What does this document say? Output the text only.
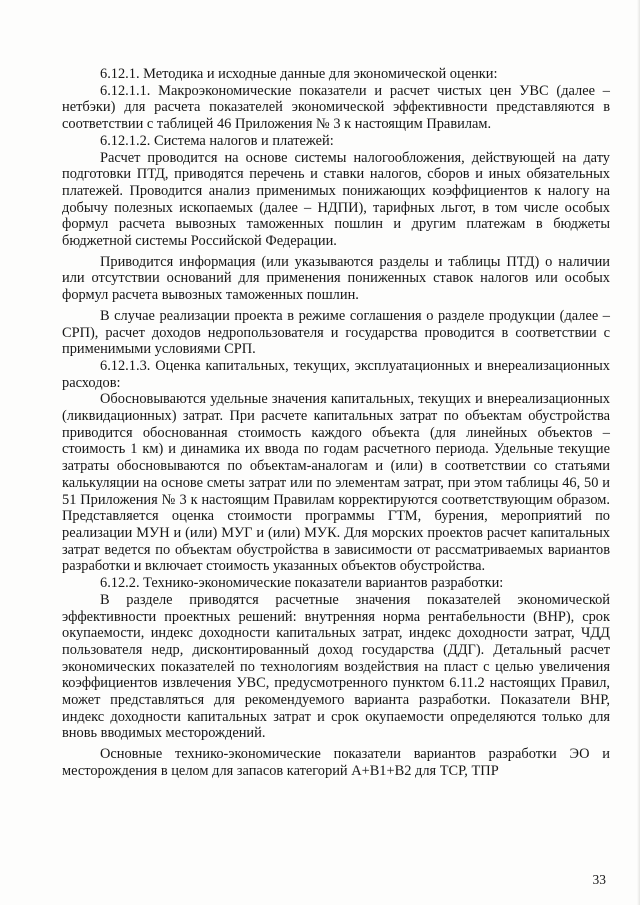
6.12.1. Методика и исходные данные для экономической оценки:

6.12.1.1. Макроэкономические показатели и расчет чистых цен УВС (далее – нетбэки) для расчета показателей экономической эффективности представляются в соответствии с таблицей 46 Приложения № 3 к настоящим Правилам.

6.12.1.2. Система налогов и платежей:

Расчет проводится на основе системы налогообложения, действующей на дату подготовки ПТД, приводятся перечень и ставки налогов, сборов и иных обязательных платежей. Проводится анализ применимых понижающих коэффициентов к налогу на добычу полезных ископаемых (далее – НДПИ), тарифных льгот, в том числе особых формул расчета вывозных таможенных пошлин и другим платежам в бюджеты бюджетной системы Российской Федерации.

Приводится информация (или указываются разделы и таблицы ПТД) о наличии или отсутствии оснований для применения пониженных ставок налогов или особых формул расчета вывозных таможенных пошлин.

В случае реализации проекта в режиме соглашения о разделе продукции (далее – СРП), расчет доходов недропользователя и государства проводится в соответствии с применимыми условиями СРП.

6.12.1.3. Оценка капитальных, текущих, эксплуатационных и внереализационных расходов:

Обосновываются удельные значения капитальных, текущих и внереализационных (ликвидационных) затрат. При расчете капитальных затрат по объектам обустройства приводится обоснованная стоимость каждого объекта (для линейных объектов – стоимость 1 км) и динамика их ввода по годам расчетного периода. Удельные текущие затраты обосновываются по объектам-аналогам и (или) в соответствии со статьями калькуляции на основе сметы затрат или по элементам затрат, при этом таблицы 46, 50 и 51 Приложения № 3 к настоящим Правилам корректируются соответствующим образом. Представляется оценка стоимости программы ГТМ, бурения, мероприятий по реализации МУН и (или) МУГ и (или) МУК. Для морских проектов расчет капитальных затрат ведется по объектам обустройства в зависимости от рассматриваемых вариантов разработки и включает стоимость указанных объектов обустройства.

6.12.2. Технико-экономические показатели вариантов разработки:

В разделе приводятся расчетные значения показателей экономической эффективности проектных решений: внутренняя норма рентабельности (ВНР), срок окупаемости, индекс доходности капитальных затрат, индекс доходности затрат, ЧДД пользователя недр, дисконтированный доход государства (ДДГ). Детальный расчет экономических показателей по технологиям воздействия на пласт с целью увеличения коэффициентов извлечения УВС, предусмотренного пунктом 6.11.2 настоящих Правил, может представляться для рекомендуемого варианта разработки. Показатели ВНР, индекс доходности капитальных затрат и срок окупаемости определяются только для вновь вводимых месторождений.

Основные технико-экономические показатели вариантов разработки ЭО и месторождения в целом для запасов категорий А+В1+В2 для ТСР, ТПР

33
